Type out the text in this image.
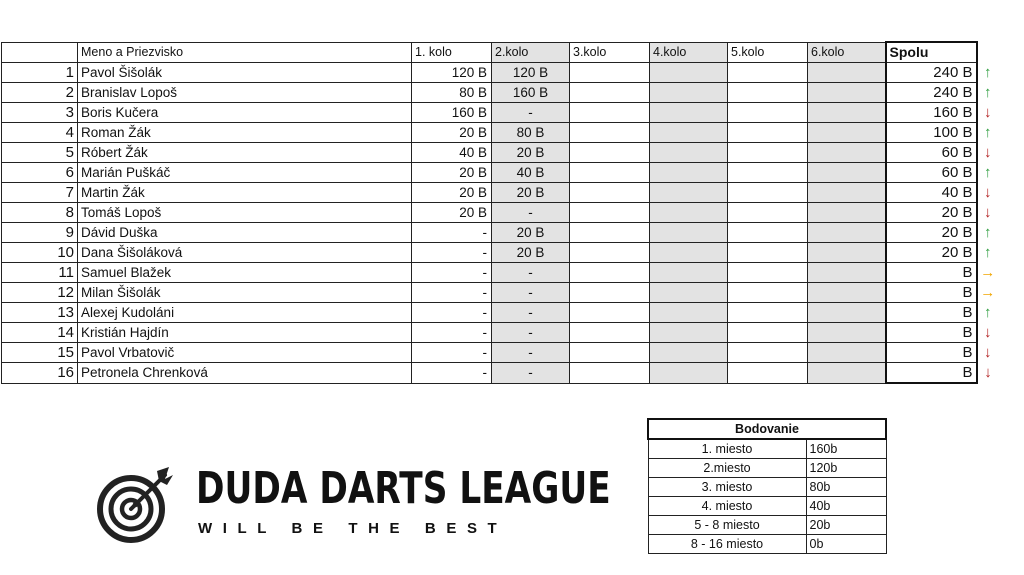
	Meno a Priezvisko	1. kolo	2.kolo	3.kolo	4.kolo	5.kolo	6.kolo	Spolu	
1	Pavol Šišolák	120 B	120 B					240 B	↑
2	Branislav Lopoš	80 B	160 B					240 B	↑
3	Boris Kučera	160 B	-					160 B	↓
4	Roman Žák	20 B	80 B					100 B	↑
5	Róbert Žák	40 B	20 B					60 B	↓
6	Marián Puškáč	20 B	40 B					60 B	↑
7	Martin Žák	20 B	20 B					40 B	↓
8	Tomáš Lopoš	20 B	-					20 B	↓
9	Dávid Duška	-	20 B					20 B	↑
10	Dana Šišoláková	-	20 B					20 B	↑
11	Samuel Blažek	-	-					B	→
12	Milan Šišolák	-	-					B	→
13	Alexej Kudoláni	-	-					B	↑
14	Kristián Hajdín	-	-					B	↓
15	Pavol Vrbatovič	-	-					B	↓
16	Petronela Chrenková	-	-					B	↓
Bodovanie	
1. miesto	160b
2.miesto	120b
3. miesto	80b
4. miesto	40b
5 - 8 miesto	20b
8 - 16 miesto	0b
DUDA DARTS LEAGUE
WILL BE THE BEST
